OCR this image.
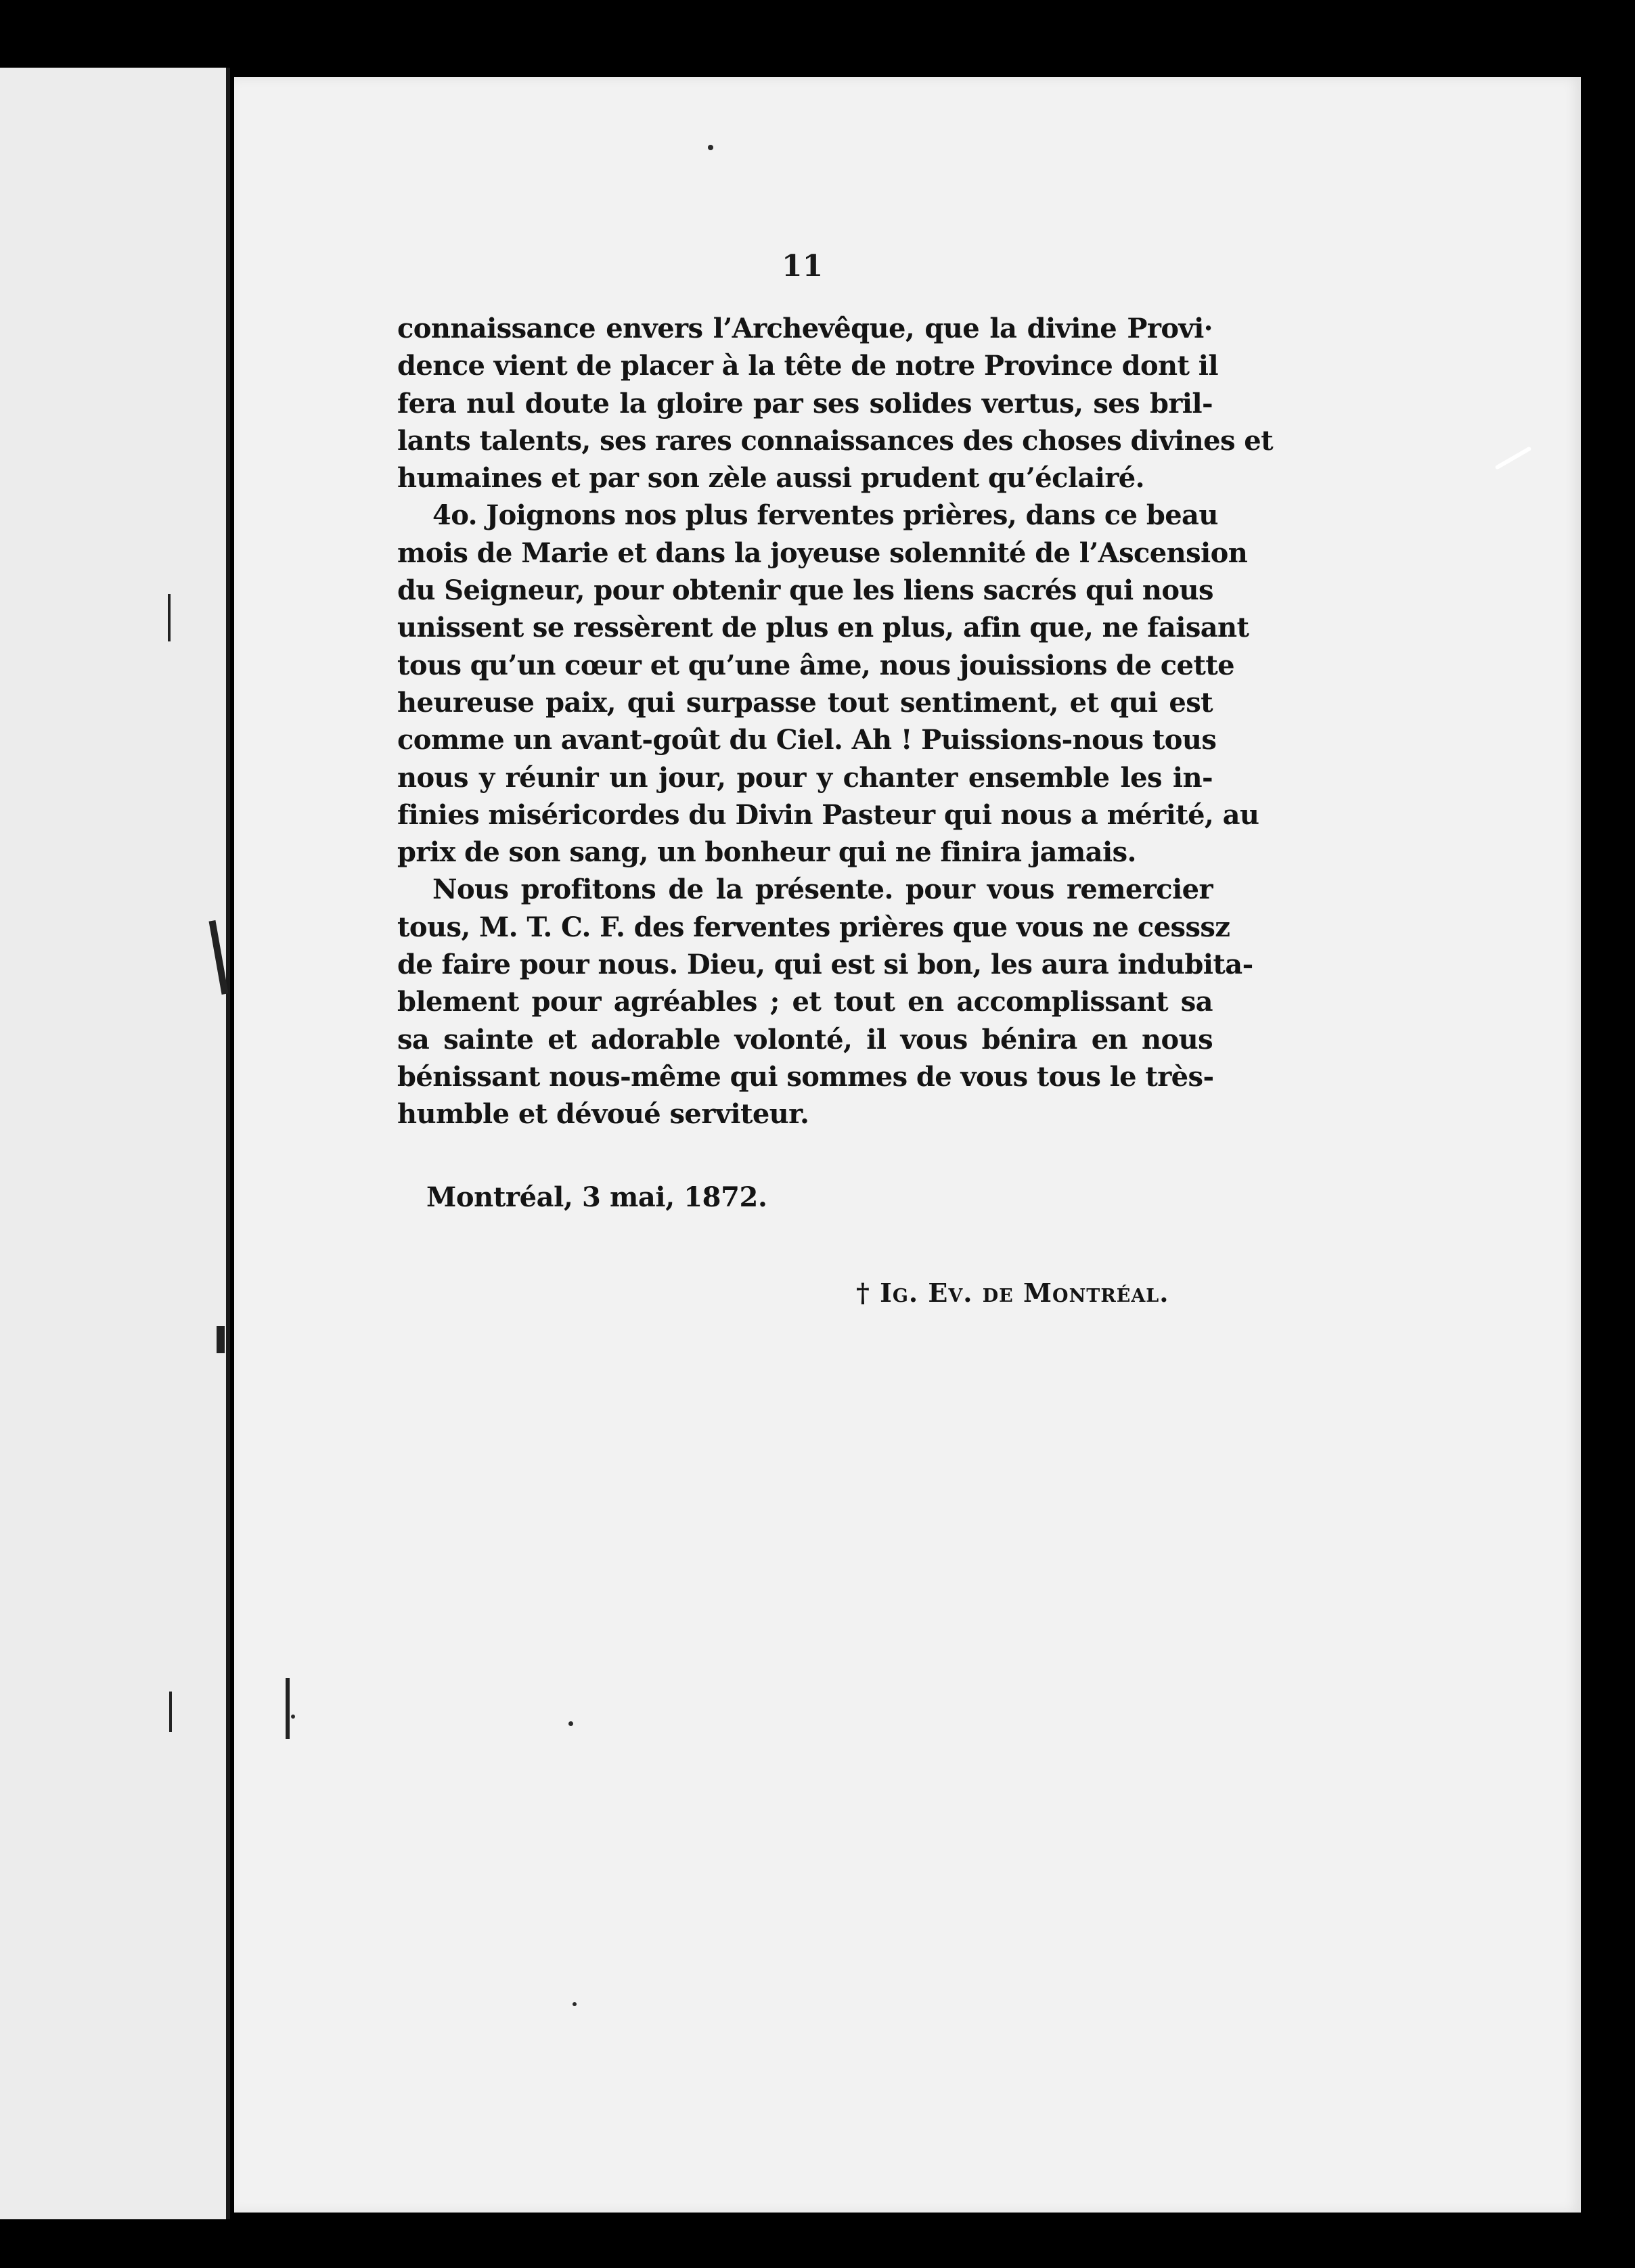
11
connaissance envers l’Archevêque, que la divine Provi·
dence vient de placer à la tête de notre Province dont il
fera nul doute la gloire par ses solides vertus, ses bril-
lants talents, ses rares connaissances des choses divines et
humaines et par son zèle aussi prudent qu’éclairé.
4o. Joignons nos plus ferventes prières, dans ce beau
mois de Marie et dans la joyeuse solennité de l’Ascension
du Seigneur, pour obtenir que les liens sacrés qui nous
unissent se ressèrent de plus en plus, afin que, ne faisant
tous qu’un cœur et qu’une âme, nous jouissions de cette
heureuse paix, qui surpasse tout sentiment, et qui est
comme un avant-goût du Ciel. Ah ! Puissions-nous tous
nous y réunir un jour, pour y chanter ensemble les in-
finies miséricordes du Divin Pasteur qui nous a mérité, au
prix de son sang, un bonheur qui ne finira jamais.
Nous profitons de la présente. pour vous remercier
tous, M. T. C. F. des ferventes prières que vous ne cesssz
de faire pour nous. Dieu, qui est si bon, les aura indubita-
blement pour agréables ; et tout en accomplissant sa
sa sainte et adorable volonté, il vous bénira en nous
bénissant nous-même qui sommes de vous tous le très-
humble et dévoué serviteur.
Montréal, 3 mai, 1872.
† Ig. Ev. de Montréal.
